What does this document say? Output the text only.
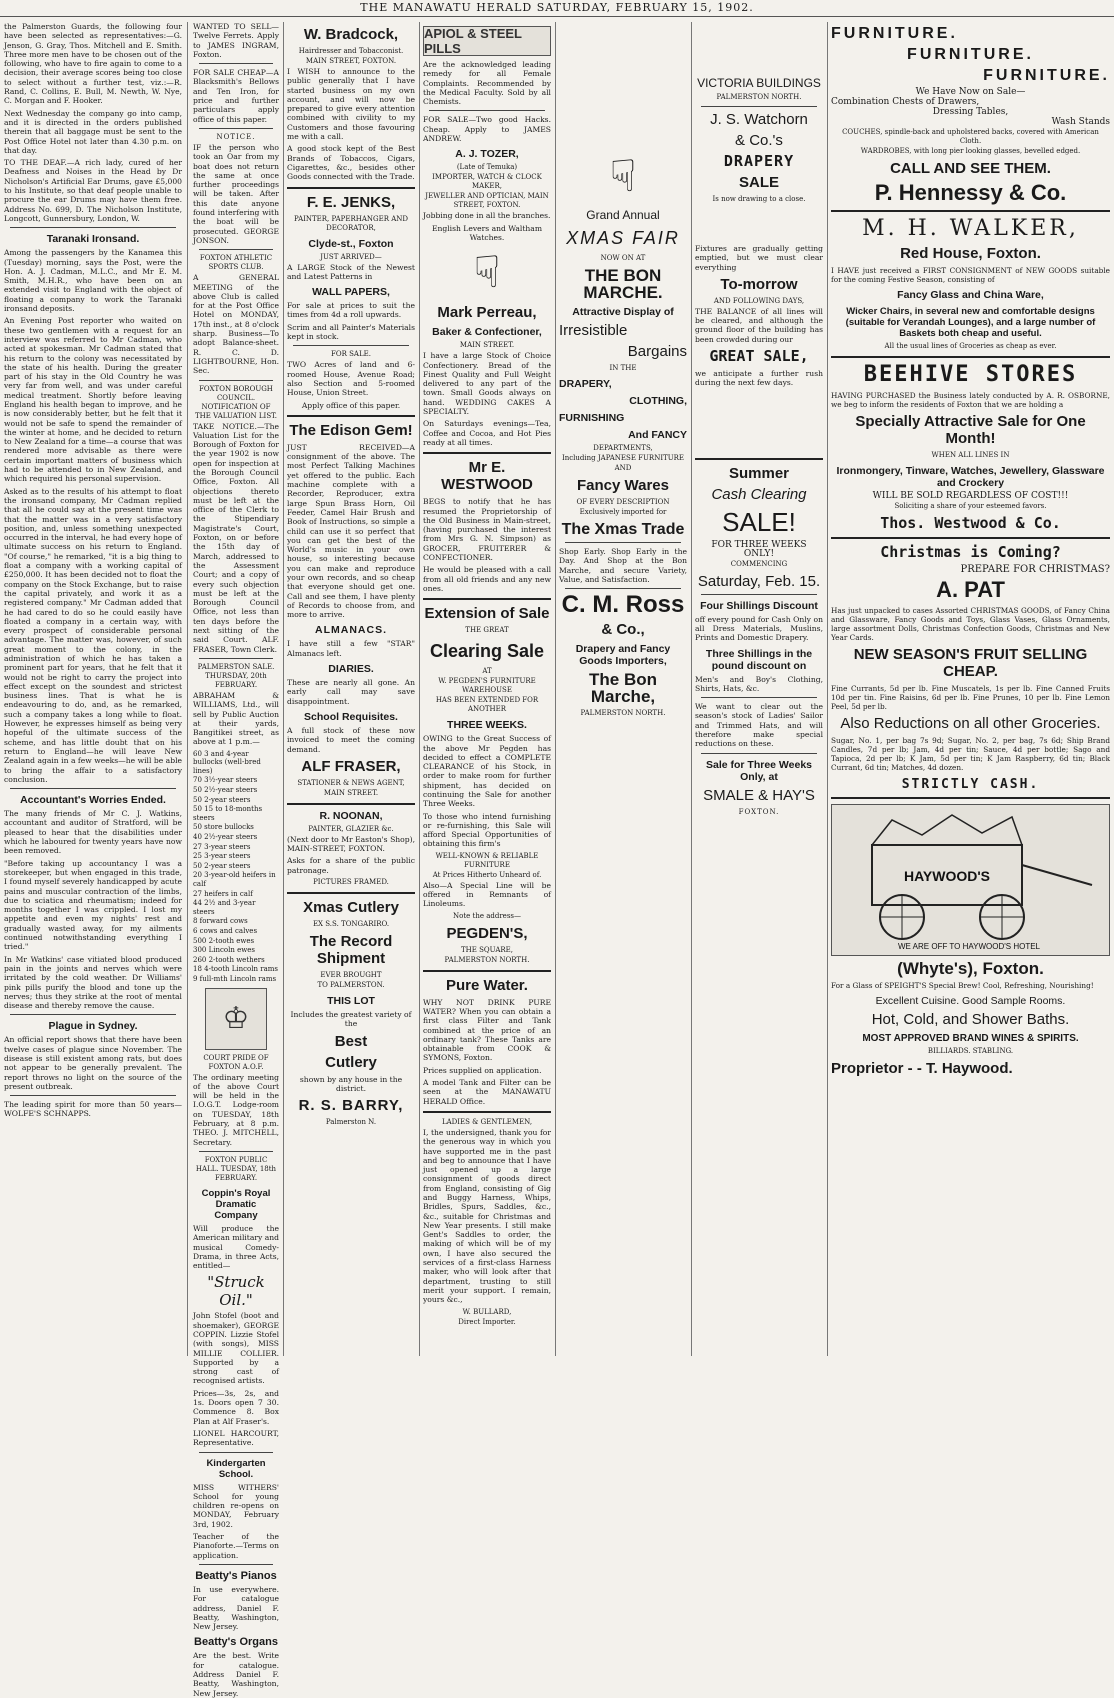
THE MANAWATU HERALD SATURDAY, FEBRUARY 15, 1902.

the Palmerston Guards, the following four have been selected as representatives:—G. Jenson, G. Gray, Thos. Mitchell and E. Smith. Three more men have to be chosen out of the following, who have to fire again to come to a decision, their average scores being too close to select without a further test, viz.:—R. Rand, C. Collins, E. Bull, M. Newth, W. Nye, C. Morgan and F. Hooker.

Next Wednesday the company go into camp, and it is directed in the orders published therein that all baggage must be sent to the Post Office Hotel not later than 4.30 p.m. on that day.

TO THE DEAF.—A rich lady, cured of her Deafness and Noises in the Head by Dr Nicholson's Artificial Ear Drums, gave £5,000 to his Institute, so that deaf people unable to procure the ear Drums may have them free. Address No. 699, D. The Nicholson Institute, Longcott, Gunnersbury, London, W.

Taranaki Ironsand.

Among the passengers by the Kanamea this (Tuesday) morning, says the Post, were the Hon. A. J. Cadman, M.L.C., and Mr E. M. Smith, M.H.R., who have been on an extended visit to England with the object of floating a company to work the Taranaki ironsand deposits.

An Evening Post reporter who waited on these two gentlemen with a request for an interview was referred to Mr Cadman, who acted at spokesman. Mr Cadman stated that his return to the colony was necessitated by the state of his health. During the greater part of his stay in the Old Country he was very far from well, and was under careful medical treatment. Shortly before leaving England his health began to improve, and he is now considerably better, but he felt that it would not be safe to spend the remainder of the winter at home, and he decided to return to New Zealand for a time—a course that was rendered more advisable as there were certain important matters of business which had to be attended to in New Zealand, and which required his personal supervision.

Asked as to the results of his attempt to float the ironsand company, Mr Cadman replied that all he could say at the present time was that the matter was in a very satisfactory position, and, unless something unexpected occurred in the interval, he had every hope of ultimate success on his return to England. "Of course," he remarked, "it is a big thing to float a company with a working capital of £250,000. It has been decided not to float the company on the Stock Exchange, but to raise the capital privately, and work it as a registered company." Mr Cadman added that he had cared to do so he could easily have floated a company in a certain way, with every prospect of considerable personal advantage. The matter was, however, of such great moment to the colony, in the administration of which he has taken a prominent part for years, that he felt that it would not be right to carry the project into effect except on the soundest and strictest business lines. That is what he is endeavouring to do, and, as he remarked, such a company takes a long while to float. However, he expresses himself as being very hopeful of the ultimate success of the scheme, and has little doubt that on his return to England—he will leave New Zealand again in a few weeks—he will be able to bring the affair to a satisfactory conclusion.

Accountant's Worries Ended.

The many friends of Mr C. J. Watkins, accountant and auditor of Stratford, will be pleased to hear that the disabilities under which he laboured for twenty years have now been removed.

"Before taking up accountancy I was a storekeeper, but when engaged in this trade, I found myself severely handicapped by acute pains and muscular contraction of the limbs, due to sciatica and rheumatism; indeed for months together I was crippled. I lost my appetite and even my nights' rest and gradually wasted away, for my ailments continued notwithstanding everything I tried."

In Mr Watkins' case vitiated blood produced pain in the joints and nerves which were irritated by the cold weather. Dr Williams' pink pills purify the blood and tone up the nerves; thus they strike at the root of mental disease and thereby remove the cause.

Plague in Sydney.

An official report shows that there have been twelve cases of plague since November. The disease is still existent among rats, but does not appear to be generally prevalent. The report throws no light on the source of the present outbreak.

The leading spirit for more than 50 years—WOLFE'S SCHNAPPS.

WANTED TO SELL—Twelve Ferrets. Apply to JAMES INGRAM, Foxton.

FOR SALE CHEAP—A Blacksmith's Bellows and Ten Iron, for price and further particulars apply office of this paper.

NOTICE.

IF the person who took an Oar from my boat does not return the same at once further proceedings will be taken. After this date anyone found interfering with the boat will be prosecuted. GEORGE JONSON.

FOXTON ATHLETIC SPORTS CLUB.

A GENERAL MEETING of the above Club is called for at the Post Office Hotel on MONDAY, 17th inst., at 8 o'clock sharp. Business—To adopt Balance-sheet. R. C. D. LIGHTBOURNE, Hon. Sec.

FOXTON BOROUGH COUNCIL. NOTIFICATION OF THE VALUATION LIST.

TAKE NOTICE.—The Valuation List for the Borough of Foxton for the year 1902 is now open for inspection at the Borough Council Office, Foxton. All objections thereto must be left at the office of the Clerk to the Stipendiary Magistrate's Court, Foxton, on or before the 15th day of March, addressed to the Assessment Court; and a copy of every such objection must be left at the Borough Council Office, not less than ten days before the next sitting of the said Court. ALF. FRASER, Town Clerk.

PALMERSTON SALE. THURSDAY, 20th FEBRUARY.

ABRAHAM & WILLIAMS, Ltd., will sell by Public Auction at their yards, Bangitikei street, as above at 1 p.m.—

60 3 and 4-year bullocks (well-bred lines)
70 3½-year steers
50 2½-year steers
50 2-year steers
50 15 to 18-months steers
50 store bullocks
40 2½-year steers
27 3-year steers
25 3-year steers
50 2-year steers
20 3-year-old heifers in calf
27 heifers in calf
44 2½ and 3-year steers
8 forward cows
6 cows and calves
500 2-tooth ewes
300 Lincoln ewes
260 2-tooth wethers
18 4-tooth Lincoln rams
9 full-mth Lincoln rams
♔
COURT PRIDE OF FOXTON A.O.F.

The ordinary meeting of the above Court will be held in the I.O.G.T. Lodge-room on TUESDAY, 18th February, at 8 p.m. THEO. J. MITCHELL, Secretary.

FOXTON PUBLIC HALL. TUESDAY, 18th FEBRUARY.
Coppin's Royal Dramatic Company

Will produce the American military and musical Comedy-Drama, in three Acts, entitled—

"Struck Oil."

John Stofel (boot and shoemaker), GEORGE COPPIN. Lizzie Stofel (with songs), MISS MILLIE COLLIER. Supported by a strong cast of recognised artists.

Prices—3s, 2s, and 1s. Doors open 7 30. Commence 8. Box Plan at Alf Fraser's.

LIONEL HARCOURT, Representative.

Kindergarten School.

MISS WITHERS' School for young children re-opens on MONDAY, February 3rd, 1902.

Teacher of the Pianoforte.—Terms on application.

Beatty's Pianos

In use everywhere. For catalogue address, Daniel F. Beatty, Washington, New Jersey.

Beatty's Organs

Are the best. Write for catalogue. Address Daniel F. Beatty, Washington, New Jersey.

W. Bradcock,
Hairdresser and Tobacconist.
MAIN STREET, FOXTON.

I WISH to announce to the public generally that I have started business on my own account, and will now be prepared to give every attention combined with civility to my Customers and those favouring me with a call.

A good stock kept of the Best Brands of Tobaccos, Cigars, Cigarettes, &c., besides other Goods connected with the Trade.

F. E. JENKS,
PAINTER, PAPERHANGER AND DECORATOR,
Clyde-st., Foxton
JUST ARRIVED—

A LARGE Stock of the Newest and Latest Patterns in

WALL PAPERS,

For sale at prices to suit the times from 4d a roll upwards.

Scrim and all Painter's Materials kept in stock.

FOR SALE.

TWO Acres of land and 6-roomed House, Avenue Road; also Section and 5-roomed House, Union Street.

Apply office of this paper.

The Edison Gem!

JUST RECEIVED—A consignment of the above. The most Perfect Talking Machines yet offered to the public. Each machine complete with a Recorder, Reproducer, extra large Spun Brass Horn, Oil Feeder, Camel Hair Brush and Book of Instructions, so simple a child can use it so perfect that you can get the best of the World's music in your own house, so interesting because you can make and reproduce your own records, and so cheap that everyone should get one. Call and see them, I have plenty of Records to choose from, and more to arrive.

ALMANACS.

I have still a few "STAR" Almanacs left.

DIARIES.

These are nearly all gone. An early call may save disappointment.

School Requisites.

A full stock of these now invoiced to meet the coming demand.

ALF FRASER,
STATIONER & NEWS AGENT,
MAIN STREET.
R. NOONAN,
PAINTER, GLAZIER &c.

(Next door to Mr Easton's Shop), MAIN-STREET, FOXTON.

Asks for a share of the public patronage.

PICTURES FRAMED.
Xmas Cutlery
EX S.S. TONGARIRO.
The Record Shipment
EVER BROUGHT
TO PALMERSTON.
THIS LOT

Includes the greatest variety of the

Best
Cutlery

shown by any house in the district.

R. S. BARRY,
Palmerston N.
APIOL & STEEL PILLS

Are the acknowledged leading remedy for all Female Complaints. Recommended by the Medical Faculty. Sold by all Chemists.

FOR SALE—Two good Hacks. Cheap. Apply to JAMES ANDREW.

A. J. TOZER,
(Late of Temuka)
IMPORTER, WATCH & CLOCK MAKER,
JEWELLER AND OPTICIAN, MAIN STREET, FOXTON.

Jobbing done in all the branches.

English Levers and Waltham Watches.

☟
Mark Perreau,
Baker & Confectioner,
MAIN STREET.

I have a large Stock of Choice Confectionery. Bread of the Finest Quality and Full Weight delivered to any part of the town. Small Goods always on hand. WEDDING CAKES A SPECIALTY.

On Saturdays evenings—Tea, Coffee and Cocoa, and Hot Pies ready at all times.

Mr E. WESTWOOD

BEGS to notify that he has resumed the Proprietorship of the Old Business in Main-street, (having purchased the interest from Mrs G. N. Simpson) as GROCER, FRUITERER & CONFECTIONER.

He would be pleased with a call from all old friends and any new ones.

Extension of Sale
THE GREAT
Clearing Sale
AT
W. PEGDEN'S FURNITURE WAREHOUSE
HAS BEEN EXTENDED FOR ANOTHER
THREE WEEKS.

OWING to the Great Success of the above Mr Pegden has decided to effect a COMPLETE CLEARANCE of his Stock, in order to make room for further shipment, has decided on continuing the Sale for another Three Weeks.

To those who intend furnishing or re-furnishing, this Sale will afford Special Opportunities of obtaining this firm's

WELL-KNOWN & RELIABLE FURNITURE
At Prices Hitherto Unheard of.

Also—A Special Line will be offered in Remnants of Linoleums.

Note the address—
PEGDEN'S,
THE SQUARE,
PALMERSTON NORTH.
Pure Water.

WHY NOT DRINK PURE WATER? When you can obtain a first class Filter and Tank combined at the price of an ordinary tank? These Tanks are obtainable from COOK & SYMONS, Foxton.

Prices supplied on application.

A model Tank and Filter can be seen at the MANAWATU HERALD Office.

LADIES & GENTLEMEN,

I, the undersigned, thank you for the generous way in which you have supported me in the past and beg to announce that I have just opened up a large consignment of goods direct from England, consisting of Gig and Buggy Harness, Whips, Bridles, Spurs, Saddles, &c., &c., suitable for Christmas and New Year presents. I still make Gent's Saddles to order, the making of which will be of my own, I have also secured the services of a first-class Harness maker, who will look after that department, trusting to still merit your support. I remain, yours &c.,

W. BULLARD,
Direct Importer.
☟
Grand Annual
XMAS FAIR
NOW ON AT
THE BON MARCHE.
Attractive Display of
Irresistible
Bargains
IN THE
DRAPERY,
CLOTHING,
FURNISHING
And FANCY
DEPARTMENTS,
Including JAPANESE FURNITURE
AND
Fancy Wares
OF EVERY DESCRIPTION
Exclusively imported for
The Xmas Trade

Shop Early. Shop Early in the Day. And Shop at the Bon Marche, and secure Variety, Value, and Satisfaction.

C. M. Ross
& Co.,
Drapery and Fancy Goods Importers,
The Bon Marche,
PALMERSTON NORTH.
VICTORIA BUILDINGS
PALMERSTON NORTH.
J. S. Watchorn
& Co.'s
DRAPERY
SALE
Is now drawing to a close.

Fixtures are gradually getting emptied, but we must clear everything

To-morrow
AND FOLLOWING DAYS,

THE BALANCE of all lines will be cleared, and although the ground floor of the building has been crowded during our

GREAT SALE,

we anticipate a further rush during the next few days.

Summer
Cash Clearing
SALE!
FOR THREE WEEKS ONLY!
COMMENCING
Saturday, Feb. 15.
Four Shillings Discount

off every pound for Cash Only on all Dress Materials, Muslins, Prints and Domestic Drapery.

Three Shillings in the pound discount on

Men's and Boy's Clothing, Shirts, Hats, &c.

We want to clear out the season's stock of Ladies' Sailor and Trimmed Hats, and will therefore make special reductions on these.

Sale for Three Weeks Only, at
SMALE & HAY'S
FOXTON.
FURNITURE.
FURNITURE.
FURNITURE.
We Have Now on Sale—
Combination Chests of Drawers,
Dressing Tables,
Wash Stands
COUCHES, spindle-back and upholstered backs, covered with American Cloth.
WARDROBES, with long pier looking glasses, bevelled edged.
CALL AND SEE THEM.
P. Hennessy & Co.
M. H. WALKER,
Red House, Foxton.

I HAVE just received a FIRST CONSIGNMENT of NEW GOODS suitable for the coming Festive Season, consisting of

Fancy Glass and China Ware,
Wicker Chairs, in several new and comfortable designs (suitable for Verandah Lounges), and a large number of Baskets both cheap and useful.
All the usual lines of Groceries as cheap as ever.
BEEHIVE STORES

HAVING PURCHASED the Business lately conducted by A. R. OSBORNE, we beg to inform the residents of Foxton that we are holding a

Specially Attractive Sale for One Month!
WHEN ALL LINES IN
Ironmongery, Tinware, Watches, Jewellery, Glassware and Crockery
WILL BE SOLD REGARDLESS OF COST!!!
Soliciting a share of your esteemed favors.
Thos. Westwood & Co.
Christmas is Coming?
PREPARE FOR CHRISTMAS?
A. PAT

Has just unpacked to cases Assorted CHRISTMAS GOODS, of Fancy China and Glassware, Fancy Goods and Toys, Glass Vases, Glass Ornaments, large assortment Dolls, Christmas Confection Goods, Christmas and New Year Cards.

NEW SEASON'S FRUIT SELLING CHEAP.

Fine Currants, 5d per lb. Fine Muscatels, 1s per lb. Fine Canned Fruits 10d per tin. Fine Raisins, 6d per lb. Fine Prunes, 10 per lb. Fine Lemon Peel, 5d per lb.

Also Reductions on all other Groceries.

Sugar, No. 1, per bag 7s 9d; Sugar, No. 2, per bag, 7s 6d; Ship Brand Candles, 7d per lb; Jam, 4d per tin; Sauce, 4d per bottle; Sago and Tapioca, 2d per lb; K Jam, 5d per tin; K Jam Raspberry, 6d tin; Black Currant, 6d tin; Matches, 4d dozen.

STRICTLY CASH.
HAYWOOD'S
WE ARE OFF TO HAYWOOD'S HOTEL
(Whyte's), Foxton.

For a Glass of SPEIGHT'S Special Brew! Cool, Refreshing, Nourishing!

Excellent Cuisine. Good Sample Rooms.
Hot, Cold, and Shower Baths.
MOST APPROVED BRAND WINES & SPIRITS.
BILLIARDS. STABLING.
Proprietor - - T. Haywood.
